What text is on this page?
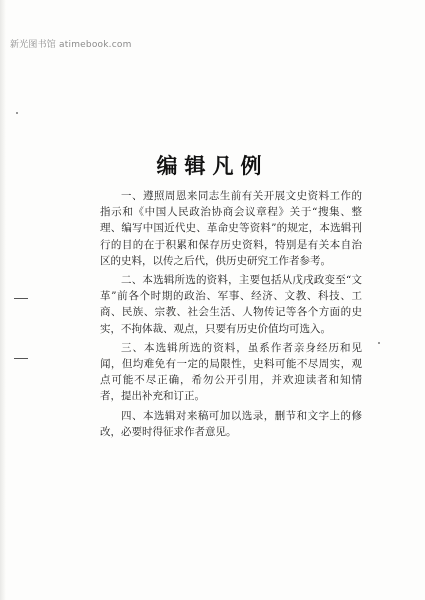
新光图书馆 atimebook.com
编辑凡例

一、遵照周恩来同志生前有关开展文史资料工作的指示和《中国人民政治协商会议章程》关于“搜集、整理、编写中国近代史、革命史等资料”的规定，本选辑刊行的目的在于积累和保存历史资料，特别是有关本自治区的史料，以传之后代，供历史研究工作者参考。

二、本选辑所选的资料，主要包括从戊戌政变至“文革”前各个时期的政治、军事、经济、文教、科技、工商、民族、宗教、社会生活、人物传记等各个方面的史实，不拘体裁、观点，只要有历史价值均可选入。

三、本选辑所选的资料，虽系作者亲身经历和见闻，但均难免有一定的局限性，史料可能不尽周实，观点可能不尽正确，希勿公开引用，并欢迎读者和知情者，提出补充和订正。

四、本选辑对来稿可加以选录，删节和文字上的修改，必要时得征求作者意见。
